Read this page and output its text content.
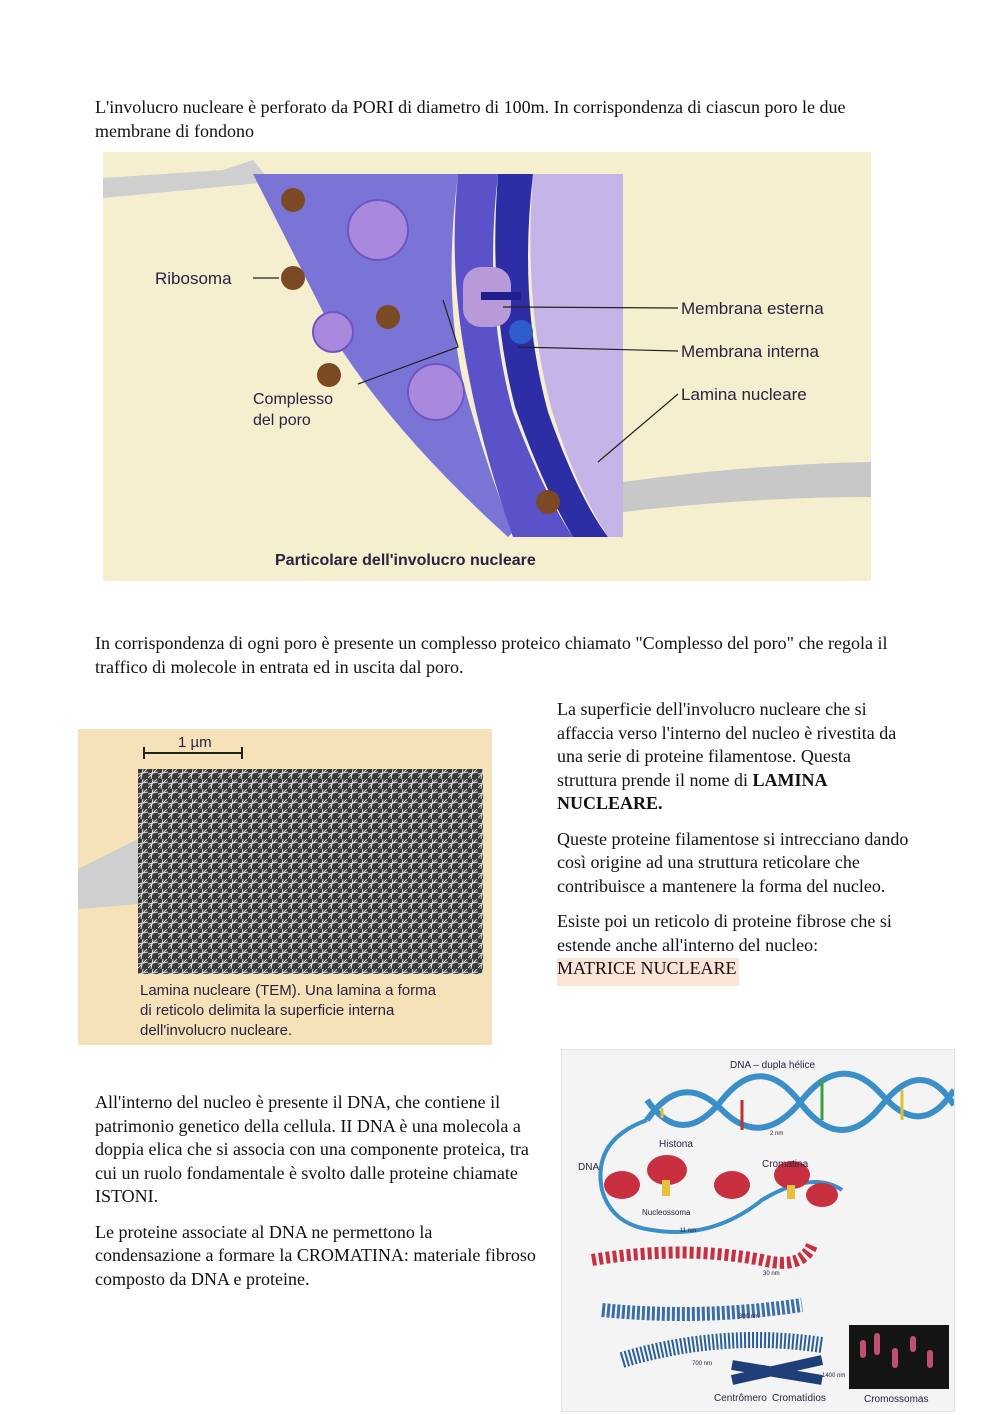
L'involucro nucleare è perforato da PORI di diametro di 100m. In corrispondenza di ciascun poro le due membrane di fondono

Ribosoma
Membrana esterna
Membrana interna
Lamina nucleare
Complesso
del poro
Particolare dell'involucro nucleare

In corrispondenza di ogni poro è presente un complesso proteico chiamato "Complesso del poro" che regola il traffico di molecole in entrata ed in uscita dal poro.

1 µm
Lamina nucleare (TEM). Una lamina a forma
di reticolo delimita la superficie interna
dell'involucro nucleare.

La superficie dell'involucro nucleare che si affaccia verso l'interno del nucleo è rivestita da una serie di proteine filamentose. Questa struttura prende il nome di LAMINA NUCLEARE.

Queste proteine filamentose si intrecciano dando così origine ad una struttura reticolare che contribuisce a mantenere la forma del nucleo.

Esiste poi un reticolo di proteine fibrose che si estende anche all'interno del nucleo:
MATRICE NUCLEARE

All'interno del nucleo è presente il DNA, che contiene il patrimonio genetico della cellula. II DNA è una molecola a doppia elica che si associa con una componente proteica, tra cui un ruolo fondamentale è svolto dalle proteine chiamate ISTONI.

Le proteine associate al DNA ne permettono la condensazione a formare la CROMATINA: materiale fibroso composto da DNA e proteine.

DNA – dupla hélice
Histona
DNA	Cromatina
Nucleossoma
2 nm
11 nm
30 nm
300 nm
700 nm
1400 nm
Centrômero Cromatídios	Cromossomas
